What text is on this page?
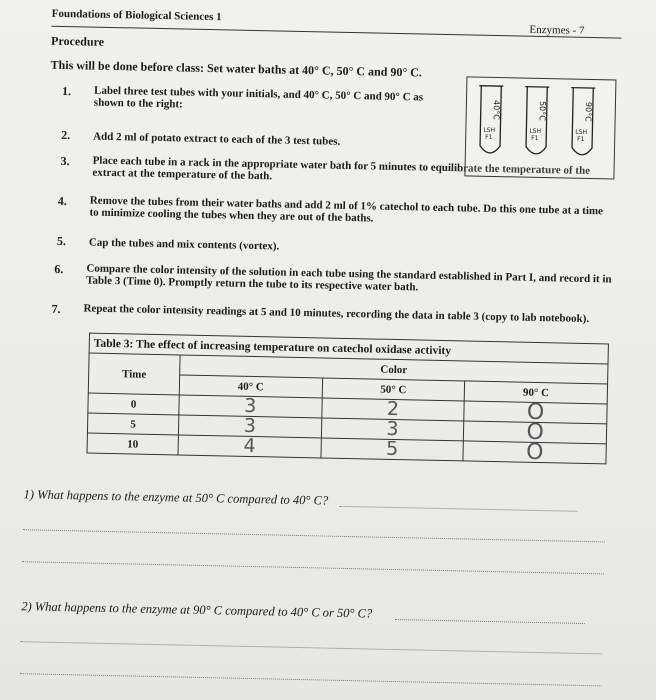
Foundations of Biological Sciences 1
Enzymes - 7
Procedure
This will be done before class: Set water baths at 40° C, 50° C and 90° C.
1. Label three test tubes with your initials, and 40° C, 50° C and 90° C as shown to the right:
2. Add 2 ml of potato extract to each of the 3 test tubes.
3. Place each tube in a rack in the appropriate water bath for 5 minutes to equilibrate the temperature of the extract at the temperature of the bath.
4. Remove the tubes from their water baths and add 2 ml of 1% catechol to each tube. Do this one tube at a time to minimize cooling the tubes when they are out of the baths.
5. Cap the tubes and mix contents (vortex).
6. Compare the color intensity of the solution in each tube using the standard established in Part I, and record it in Table 3 (Time 0). Promptly return the tube to its respective water bath.
7. Repeat the color intensity readings at 5 and 10 minutes, recording the data in table 3 (copy to lab notebook).
40°C	50°C	90°C
LSH
F1
LSH
F1
LSH
F1
Table 3: The effect of increasing temperature on catechol oxidase activity			
Time	Color		
	40° C	50° C	90° C
0	3	2	O
5	3	3	O
10	4	5	O
1) What happens to the enzyme at 50° C compared to 40° C?
2) What happens to the enzyme at 90° C compared to 40° C or 50° C?
